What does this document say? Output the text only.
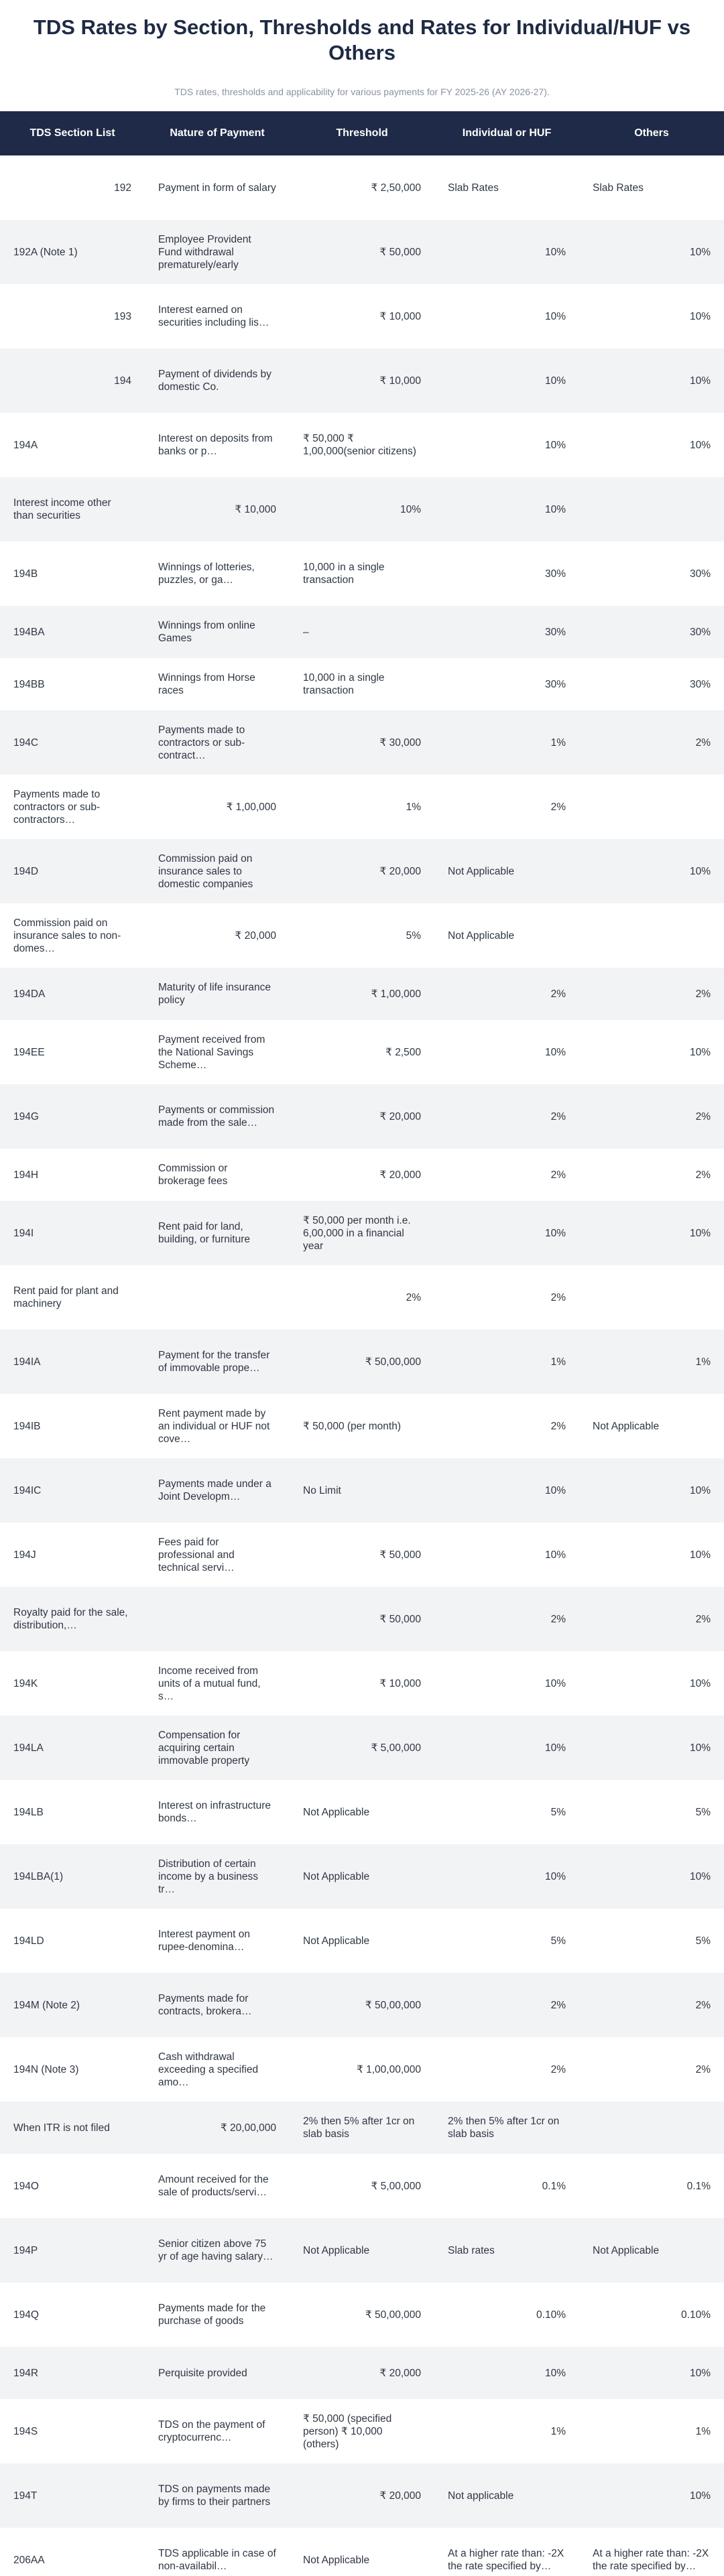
TDS Rates by Section, Thresholds and Rates for Individual/HUF vs Others

TDS rates, thresholds and applicability for various payments for FY 2025-26 (AY 2026-27).

TDS Section List	Nature of Payment	Threshold	Individual or HUF	Others
192	Payment in form of salary	₹ 2,50,000	Slab Rates	Slab Rates
192A (Note 1)	Employee Provident Fund withdrawal prematurely/early	₹ 50,000	10%	10%
193	Interest earned on securities including lis…	₹ 10,000	10%	10%
194	Payment of dividends by domestic Co.	₹ 10,000	10%	10%
194A	Interest on deposits from banks or p…	₹ 50,000 ₹ 1,00,000(senior citizens)	10%	10%
Interest income other than securities	₹ 10,000	10%	10%	
194B	Winnings of lotteries, puzzles, or ga…	10,000 in a single transaction	30%	30%
194BA	Winnings from online Games	–	30%	30%
194BB	Winnings from Horse races	10,000 in a single transaction	30%	30%
194C	Payments made to contractors or sub-contract…	₹ 30,000	1%	2%
Payments made to contractors or sub-contractors…	₹ 1,00,000	1%	2%	
194D	Commission paid on insurance sales to domestic companies	₹ 20,000	Not Applicable	10%
Commission paid on insurance sales to non-domes…	₹ 20,000	5%	Not Applicable	
194DA	Maturity of life insurance policy	₹ 1,00,000	2%	2%
194EE	Payment received from the National Savings Scheme…	₹ 2,500	10%	10%
194G	Payments or commission made from the sale…	₹ 20,000	2%	2%
194H	Commission or brokerage fees	₹ 20,000	2%	2%
194I	Rent paid for land, building, or furniture	₹ 50,000 per month i.e. 6,00,000 in a financial year	10%	10%
Rent paid for plant and machinery		2%	2%	
194IA	Payment for the transfer of immovable prope…	₹ 50,00,000	1%	1%
194IB	Rent payment made by an individual or HUF not cove…	₹ 50,000 (per month)	2%	Not Applicable
194IC	Payments made under a Joint Developm…	No Limit	10%	10%
194J	Fees paid for professional and technical servi…	₹ 50,000	10%	10%
Royalty paid for the sale, distribution,…		₹ 50,000	2%	2%
194K	Income received from units of a mutual fund, s…	₹ 10,000	10%	10%
194LA	Compensation for acquiring certain immovable property	₹ 5,00,000	10%	10%
194LB	Interest on infrastructure bonds…	Not Applicable	5%	5%
194LBA(1)	Distribution of certain income by a business tr…	Not Applicable	10%	10%
194LD	Interest payment on rupee-denomina…	Not Applicable	5%	5%
194M (Note 2)	Payments made for contracts, brokera…	₹ 50,00,000	2%	2%
194N (Note 3)	Cash withdrawal exceeding a specified amo…	₹ 1,00,00,000	2%	2%
When ITR is not filed	₹ 20,00,000	2% then 5% after 1cr on slab basis	2% then 5% after 1cr on slab basis	
194O	Amount received for the sale of products/servi…	₹ 5,00,000	0.1%	0.1%
194P	Senior citizen above 75 yr of age having salary…	Not Applicable	Slab rates	Not Applicable
194Q	Payments made for the purchase of goods	₹ 50,00,000	0.10%	0.10%
194R	Perquisite provided	₹ 20,000	10%	10%
194S	TDS on the payment of cryptocurrenc…	₹ 50,000 (specified person) ₹ 10,000 (others)	1%	1%
194T	TDS on payments made by firms to their partners	₹ 20,000	Not applicable	10%
206AA	TDS applicable in case of non-availabil…	Not Applicable	At a higher rate than: -2X the rate specified by…	At a higher rate than: -2X the rate specified by…
